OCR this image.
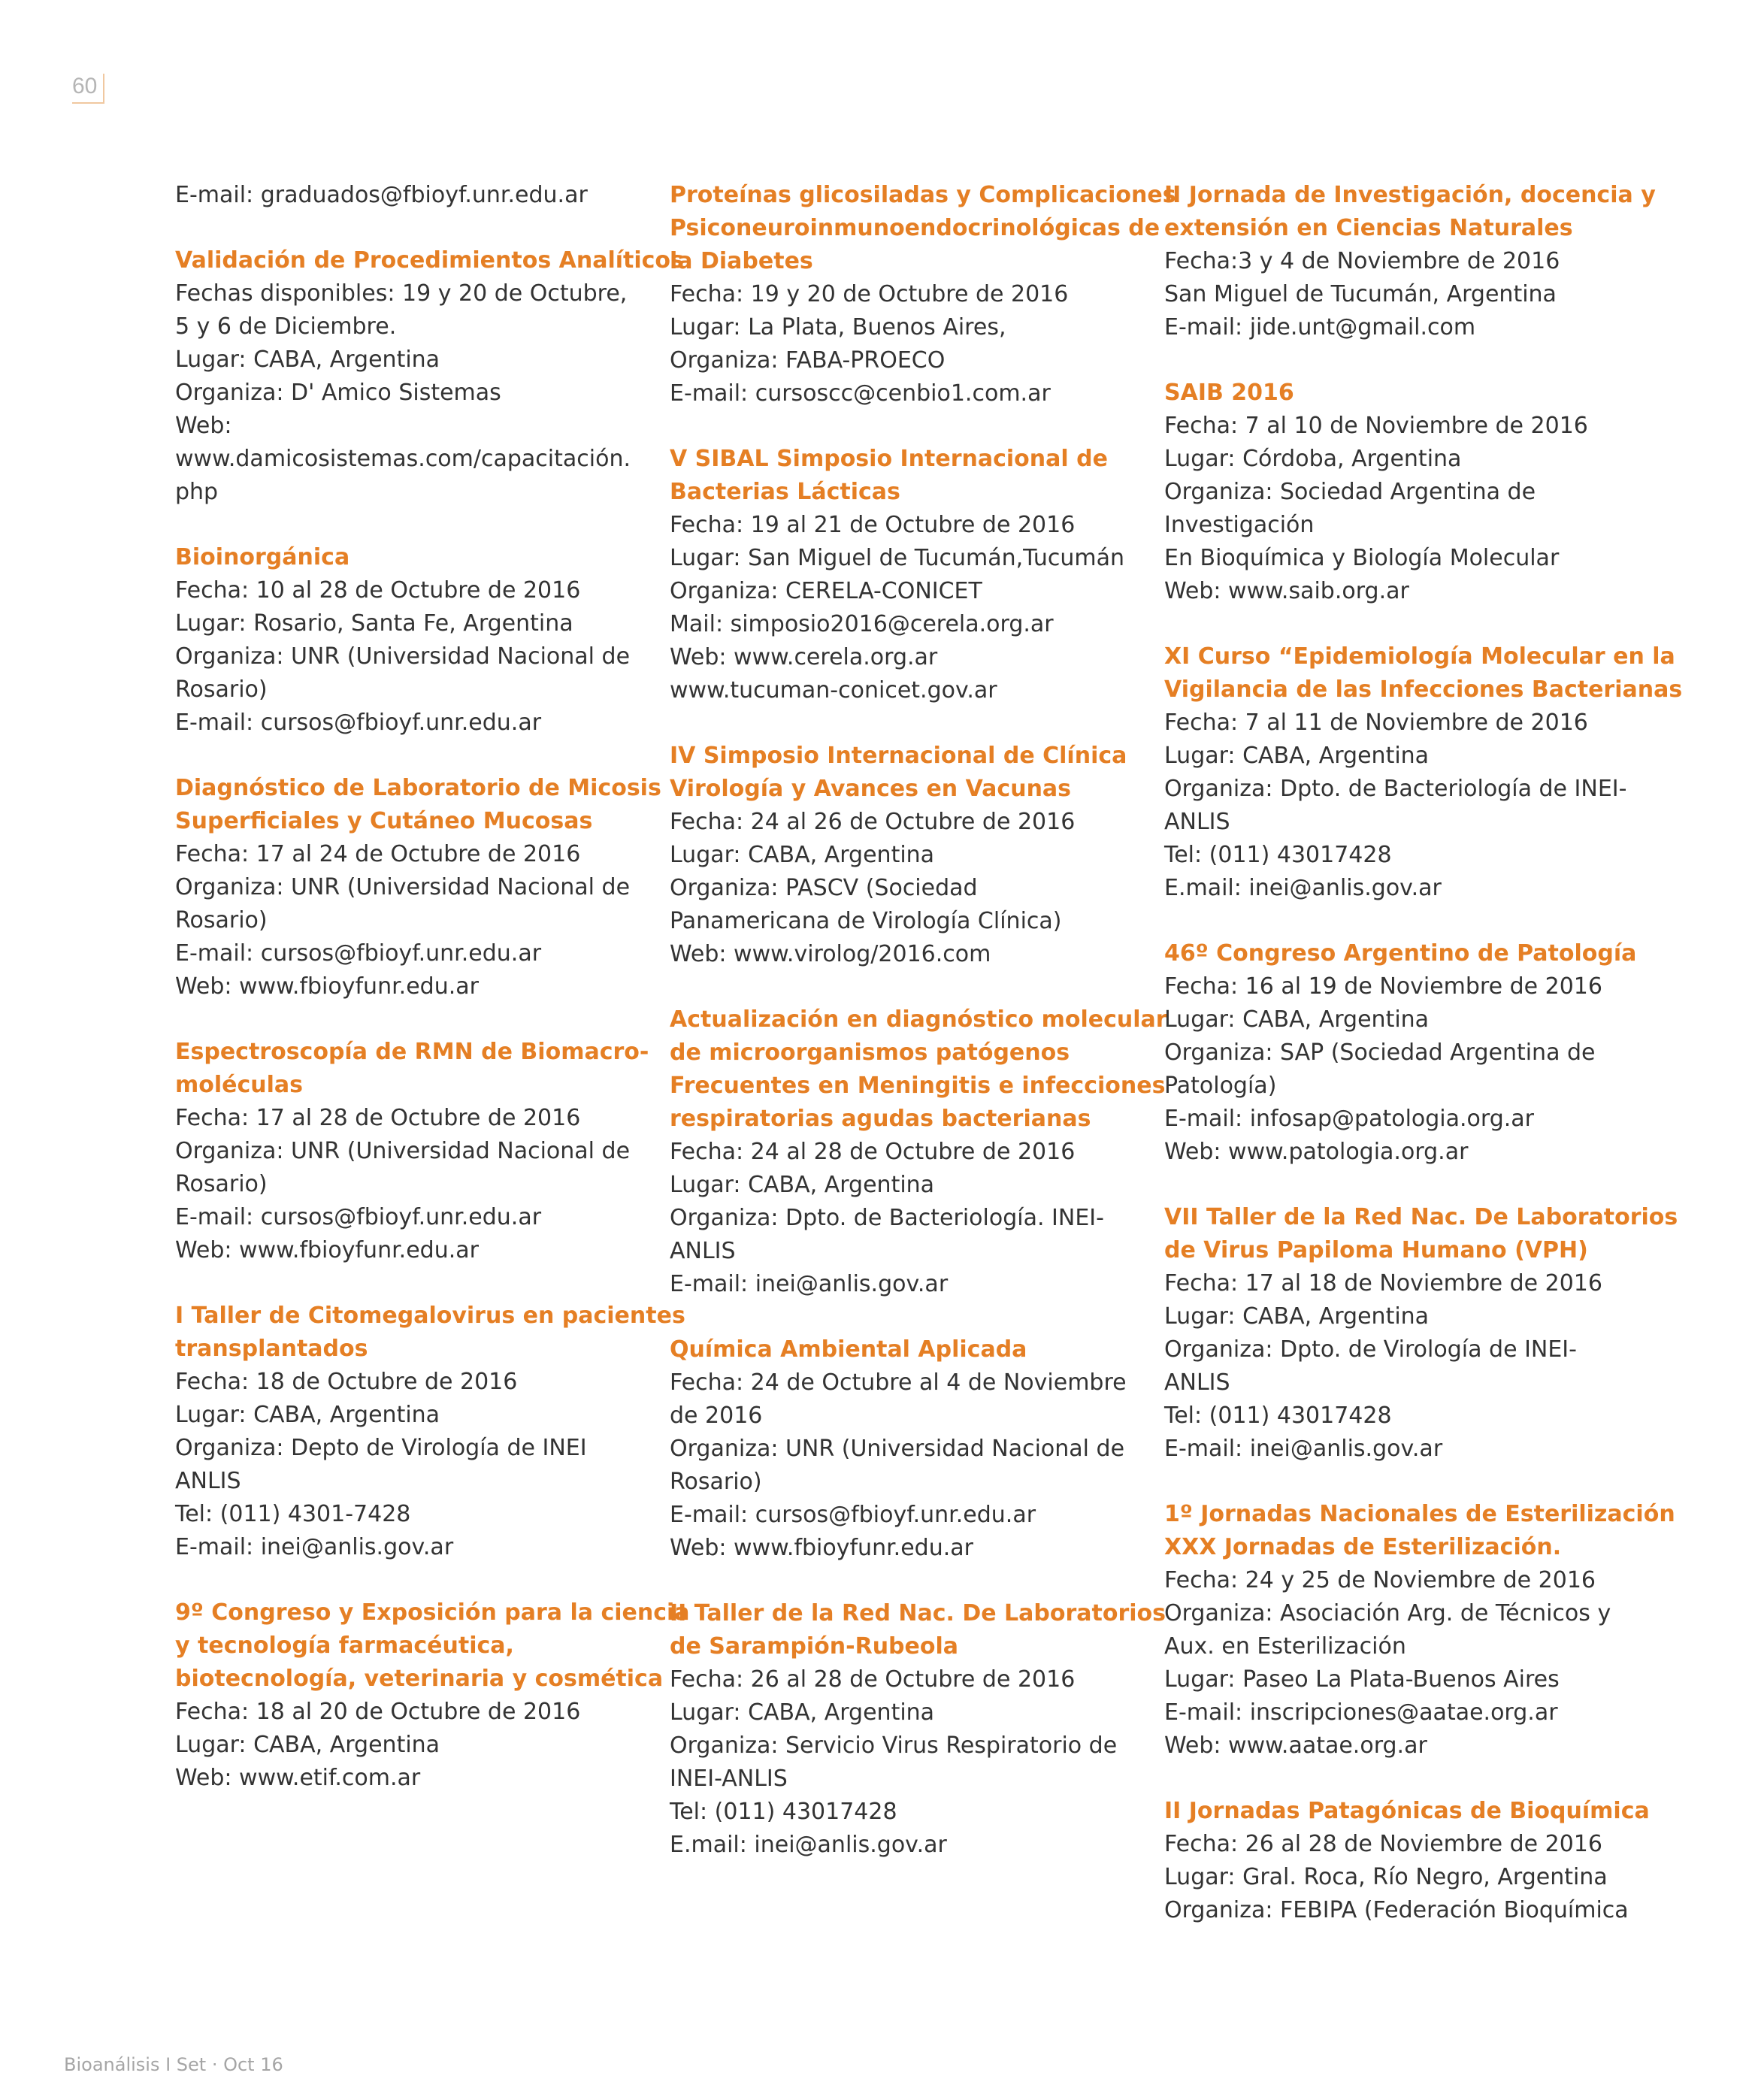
60
E-mail: graduados@fbioyf.unr.edu.ar
Validación de Procedimientos Analíticos
Fechas disponibles: 19 y 20 de Octubre,
5 y 6 de Diciembre.
Lugar: CABA, Argentina
Organiza: D' Amico Sistemas
Web:
www.damicosistemas.com/capacitación.
php
Bioinorgánica
Fecha: 10 al 28 de Octubre de 2016
Lugar: Rosario, Santa Fe, Argentina
Organiza: UNR (Universidad Nacional de
Rosario)
E-mail: cursos@fbioyf.unr.edu.ar
Diagnóstico de Laboratorio de Micosis
Superficiales y Cutáneo Mucosas
Fecha: 17 al 24 de Octubre de 2016
Organiza: UNR (Universidad Nacional de
Rosario)
E-mail: cursos@fbioyf.unr.edu.ar
Web: www.fbioyfunr.edu.ar
Espectroscopía de RMN de Biomacro-
moléculas
Fecha: 17 al 28 de Octubre de 2016
Organiza: UNR (Universidad Nacional de
Rosario)
E-mail: cursos@fbioyf.unr.edu.ar
Web: www.fbioyfunr.edu.ar
I Taller de Citomegalovirus en pacientes
transplantados
Fecha: 18 de Octubre de 2016
Lugar: CABA, Argentina
Organiza: Depto de Virología de INEI
ANLIS
Tel: (011) 4301-7428
E-mail: inei@anlis.gov.ar
9º Congreso y Exposición para la ciencia
y tecnología farmacéutica,
biotecnología, veterinaria y cosmética
Fecha: 18 al 20 de Octubre de 2016
Lugar: CABA, Argentina
Web: www.etif.com.ar
Proteínas glicosiladas y Complicaciones
Psiconeuroinmunoendocrinológicas de
la Diabetes
Fecha: 19 y 20 de Octubre de 2016
Lugar: La Plata, Buenos Aires,
Organiza: FABA-PROECO
E-mail: cursoscc@cenbio1.com.ar
V SIBAL Simposio Internacional de
Bacterias Lácticas
Fecha: 19 al 21 de Octubre de 2016
Lugar: San Miguel de Tucumán,Tucumán
Organiza: CERELA-CONICET
Mail: simposio2016@cerela.org.ar
Web: www.cerela.org.ar
www.tucuman-conicet.gov.ar
IV Simposio Internacional de Clínica
Virología y Avances en Vacunas
Fecha: 24 al 26 de Octubre de 2016
Lugar: CABA, Argentina
Organiza: PASCV (Sociedad
Panamericana de Virología Clínica)
Web: www.virolog/2016.com
Actualización en diagnóstico molecular
de microorganismos patógenos
Frecuentes en Meningitis e infecciones
respiratorias agudas bacterianas
Fecha: 24 al 28 de Octubre de 2016
Lugar: CABA, Argentina
Organiza: Dpto. de Bacteriología. INEI-
ANLIS
E-mail: inei@anlis.gov.ar
Química Ambiental Aplicada
Fecha: 24 de Octubre al 4 de Noviembre
de 2016
Organiza: UNR (Universidad Nacional de
Rosario)
E-mail: cursos@fbioyf.unr.edu.ar
Web: www.fbioyfunr.edu.ar
II Taller de la Red Nac. De Laboratorios
de Sarampión-Rubeola
Fecha: 26 al 28 de Octubre de 2016
Lugar: CABA, Argentina
Organiza: Servicio Virus Respiratorio de
INEI-ANLIS
Tel: (011) 43017428
E.mail: inei@anlis.gov.ar
II Jornada de Investigación, docencia y
extensión en Ciencias Naturales
Fecha:3 y 4 de Noviembre de 2016
San Miguel de Tucumán, Argentina
E-mail: jide.unt@gmail.com
SAIB 2016
Fecha: 7 al 10 de Noviembre de 2016
Lugar: Córdoba, Argentina
Organiza: Sociedad Argentina de
Investigación
En Bioquímica y Biología Molecular
Web: www.saib.org.ar
XI Curso “Epidemiología Molecular en la
Vigilancia de las Infecciones Bacterianas
Fecha: 7 al 11 de Noviembre de 2016
Lugar: CABA, Argentina
Organiza: Dpto. de Bacteriología de INEI-
ANLIS
Tel: (011) 43017428
E.mail: inei@anlis.gov.ar
46º Congreso Argentino de Patología
Fecha: 16 al 19 de Noviembre de 2016
Lugar: CABA, Argentina
Organiza: SAP (Sociedad Argentina de
Patología)
E-mail: infosap@patologia.org.ar
Web: www.patologia.org.ar
VII Taller de la Red Nac. De Laboratorios
de Virus Papiloma Humano (VPH)
Fecha: 17 al 18 de Noviembre de 2016
Lugar: CABA, Argentina
Organiza: Dpto. de Virología de INEI-
ANLIS
Tel: (011) 43017428
E-mail: inei@anlis.gov.ar
1º Jornadas Nacionales de Esterilización
XXX Jornadas de Esterilización.
Fecha: 24 y 25 de Noviembre de 2016
Organiza: Asociación Arg. de Técnicos y
Aux. en Esterilización
Lugar: Paseo La Plata-Buenos Aires
E-mail: inscripciones@aatae.org.ar
Web: www.aatae.org.ar
II Jornadas Patagónicas de Bioquímica
Fecha: 26 al 28 de Noviembre de 2016
Lugar: Gral. Roca, Río Negro, Argentina
Organiza: FEBIPA (Federación Bioquímica
Bioanálisis I Set · Oct 16
